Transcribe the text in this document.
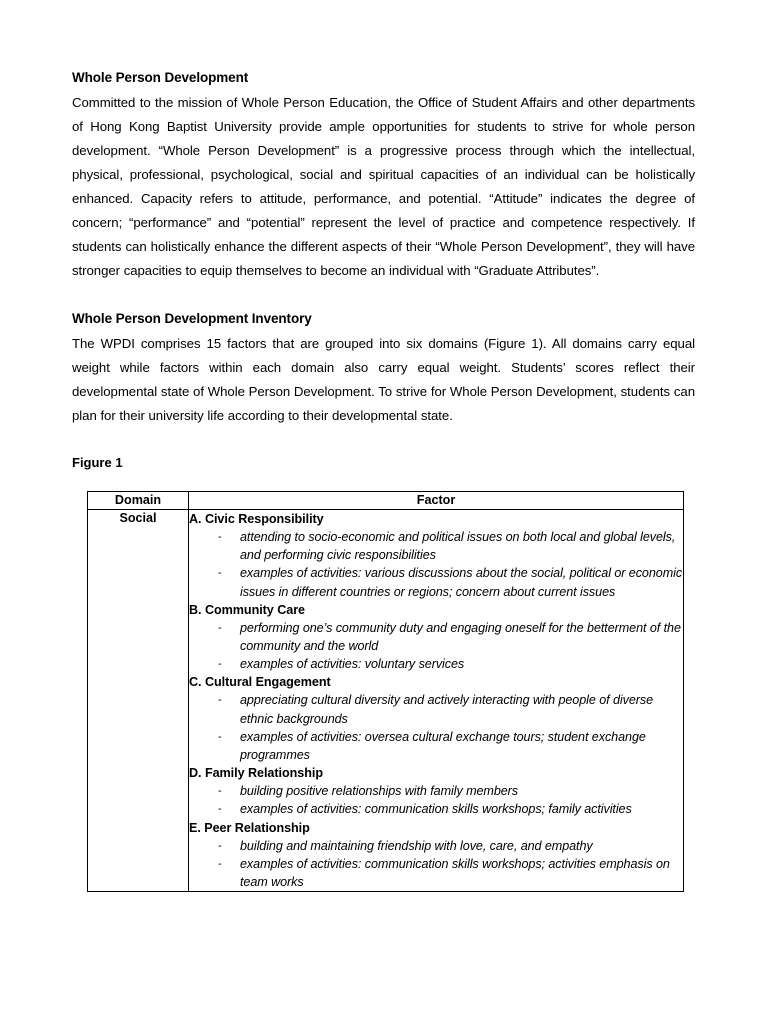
Whole Person Development

Committed to the mission of Whole Person Education, the Office of Student Affairs and other departments of Hong Kong Baptist University provide ample opportunities for students to strive for whole person development. “Whole Person Development” is a progressive process through which the intellectual, physical, professional, psychological, social and spiritual capacities of an individual can be holistically enhanced. Capacity refers to attitude, performance, and potential. “Attitude” indicates the degree of concern; “performance” and “potential” represent the level of practice and competence respectively. If students can holistically enhance the different aspects of their “Whole Person Development”, they will have stronger capacities to equip themselves to become an individual with “Graduate Attributes”.

Whole Person Development Inventory

The WPDI comprises 15 factors that are grouped into six domains (Figure 1). All domains carry equal weight while factors within each domain also carry equal weight. Students’ scores reflect their developmental state of Whole Person Development. To strive for Whole Person Development, students can plan for their university life according to their developmental state.

Figure 1

Domain	Factor
Social	A. Civic Responsibility
- attending to socio-economic and political issues on both local and global levels, and performing civic responsibilities
- examples of activities: various discussions about the social, political or economic issues in different countries or regions; concern about current issues
B. Community Care
- performing one’s community duty and engaging oneself for the betterment of the community and the world
- examples of activities: voluntary services
C. Cultural Engagement
- appreciating cultural diversity and actively interacting with people of diverse ethnic backgrounds
- examples of activities: oversea cultural exchange tours; student exchange programmes
D. Family Relationship
- building positive relationships with family members
- examples of activities: communication skills workshops; family activities
E. Peer Relationship
- building and maintaining friendship with love, care, and empathy
- examples of activities: communication skills workshops; activities emphasis on team works
